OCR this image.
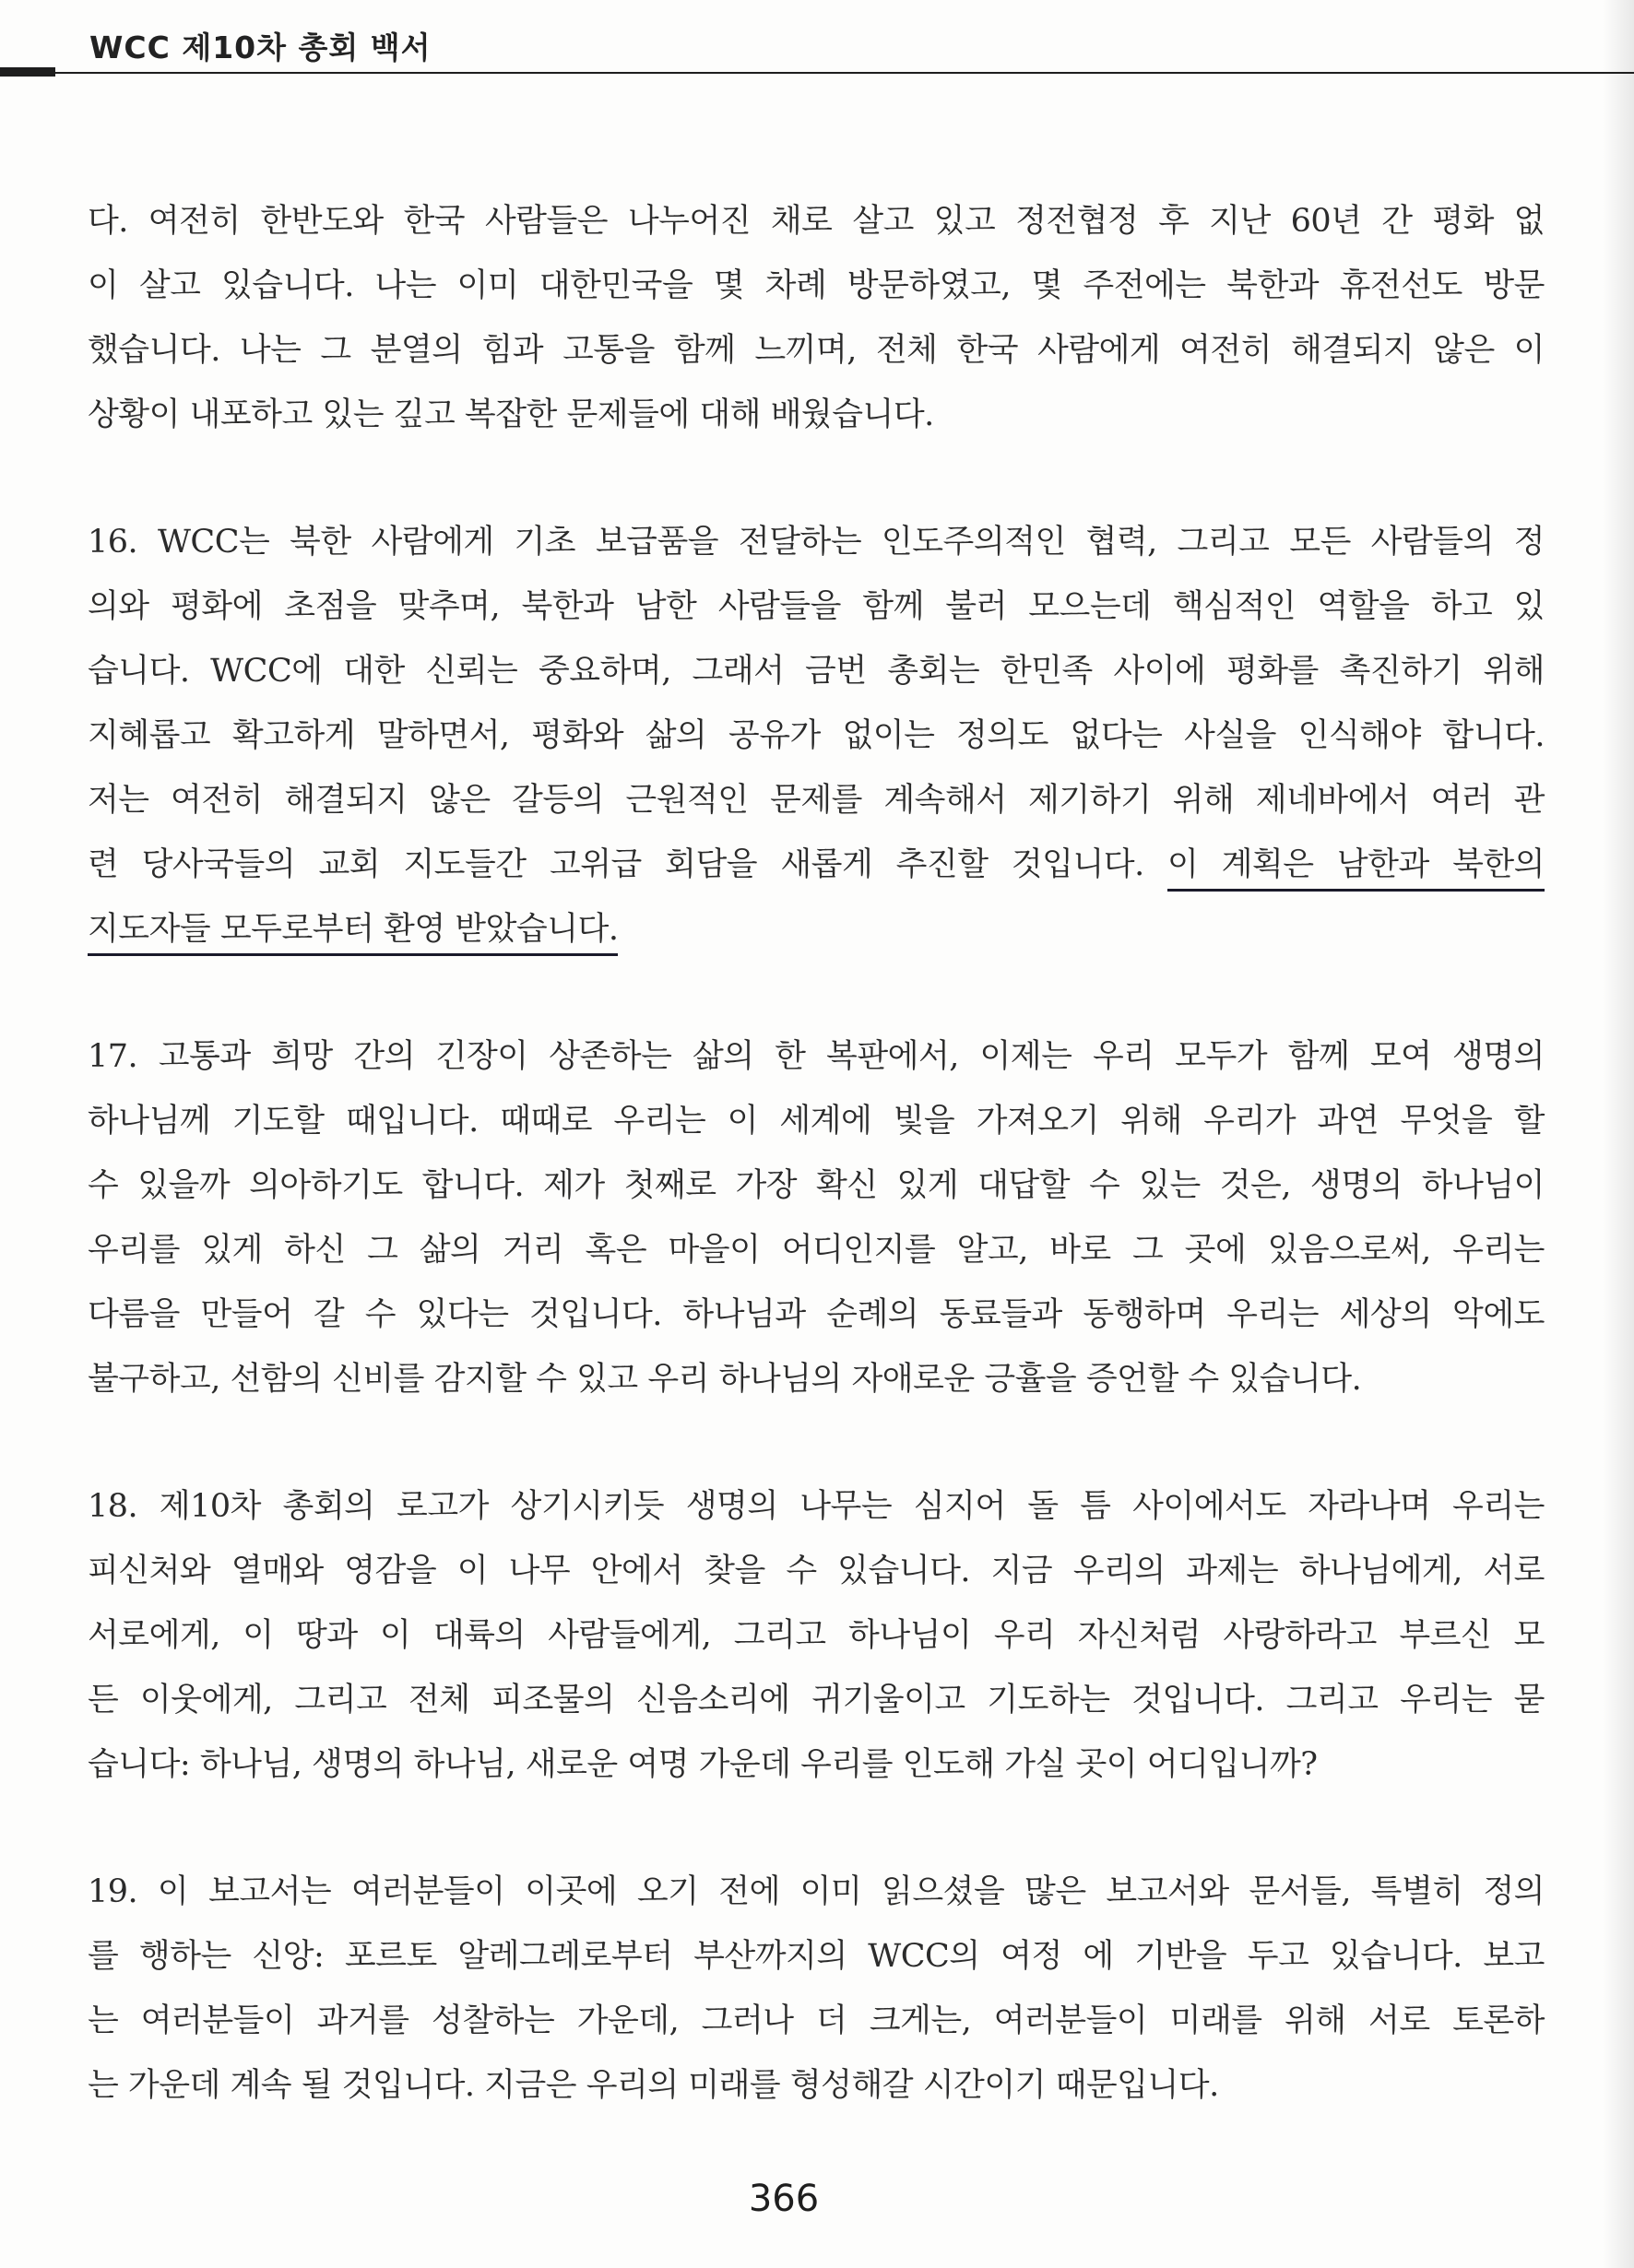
WCC 제10차 총회 백서
다. 여전히 한반도와 한국 사람들은 나누어진 채로 살고 있고 정전협정 후 지난 60년 간 평화 없
이 살고 있습니다. 나는 이미 대한민국을 몇 차례 방문하였고, 몇 주전에는 북한과 휴전선도 방문
했습니다. 나는 그 분열의 힘과 고통을 함께 느끼며, 전체 한국 사람에게 여전히 해결되지 않은 이
상황이 내포하고 있는 깊고 복잡한 문제들에 대해 배웠습니다.
16. WCC는 북한 사람에게 기초 보급품을 전달하는 인도주의적인 협력, 그리고 모든 사람들의 정
의와 평화에 초점을 맞추며, 북한과 남한 사람들을 함께 불러 모으는데 핵심적인 역할을 하고 있
습니다. WCC에 대한 신뢰는 중요하며, 그래서 금번 총회는 한민족 사이에 평화를 촉진하기 위해
지혜롭고 확고하게 말하면서, 평화와 삶의 공유가 없이는 정의도 없다는 사실을 인식해야 합니다.
저는 여전히 해결되지 않은 갈등의 근원적인 문제를 계속해서 제기하기 위해 제네바에서 여러 관
련 당사국들의 교회 지도들간 고위급 회담을 새롭게 추진할 것입니다. 이 계획은 남한과 북한의
지도자들 모두로부터 환영 받았습니다.
17. 고통과 희망 간의 긴장이 상존하는 삶의 한 복판에서, 이제는 우리 모두가 함께 모여 생명의
하나님께 기도할 때입니다. 때때로 우리는 이 세계에 빛을 가져오기 위해 우리가 과연 무엇을 할
수 있을까 의아하기도 합니다. 제가 첫째로 가장 확신 있게 대답할 수 있는 것은, 생명의 하나님이
우리를 있게 하신 그 삶의 거리 혹은 마을이 어디인지를 알고, 바로 그 곳에 있음으로써, 우리는
다름을 만들어 갈 수 있다는 것입니다. 하나님과 순례의 동료들과 동행하며 우리는 세상의 악에도
불구하고, 선함의 신비를 감지할 수 있고 우리 하나님의 자애로운 긍휼을 증언할 수 있습니다.
18. 제10차 총회의 로고가 상기시키듯 생명의 나무는 심지어 돌 틈 사이에서도 자라나며 우리는
피신처와 열매와 영감을 이 나무 안에서 찾을 수 있습니다. 지금 우리의 과제는 하나님에게, 서로
서로에게, 이 땅과 이 대륙의 사람들에게, 그리고 하나님이 우리 자신처럼 사랑하라고 부르신 모
든 이웃에게, 그리고 전체 피조물의 신음소리에 귀기울이고 기도하는 것입니다. 그리고 우리는 묻
습니다: 하나님, 생명의 하나님, 새로운 여명 가운데 우리를 인도해 가실 곳이 어디입니까?
19. 이 보고서는 여러분들이 이곳에 오기 전에 이미 읽으셨을 많은 보고서와 문서들, 특별히 정의
를 행하는 신앙: 포르토 알레그레로부터 부산까지의 WCC의 여정 에 기반을 두고 있습니다. 보고
는 여러분들이 과거를 성찰하는 가운데, 그러나 더 크게는, 여러분들이 미래를 위해 서로 토론하
는 가운데 계속 될 것입니다. 지금은 우리의 미래를 형성해갈 시간이기 때문입니다.
366
